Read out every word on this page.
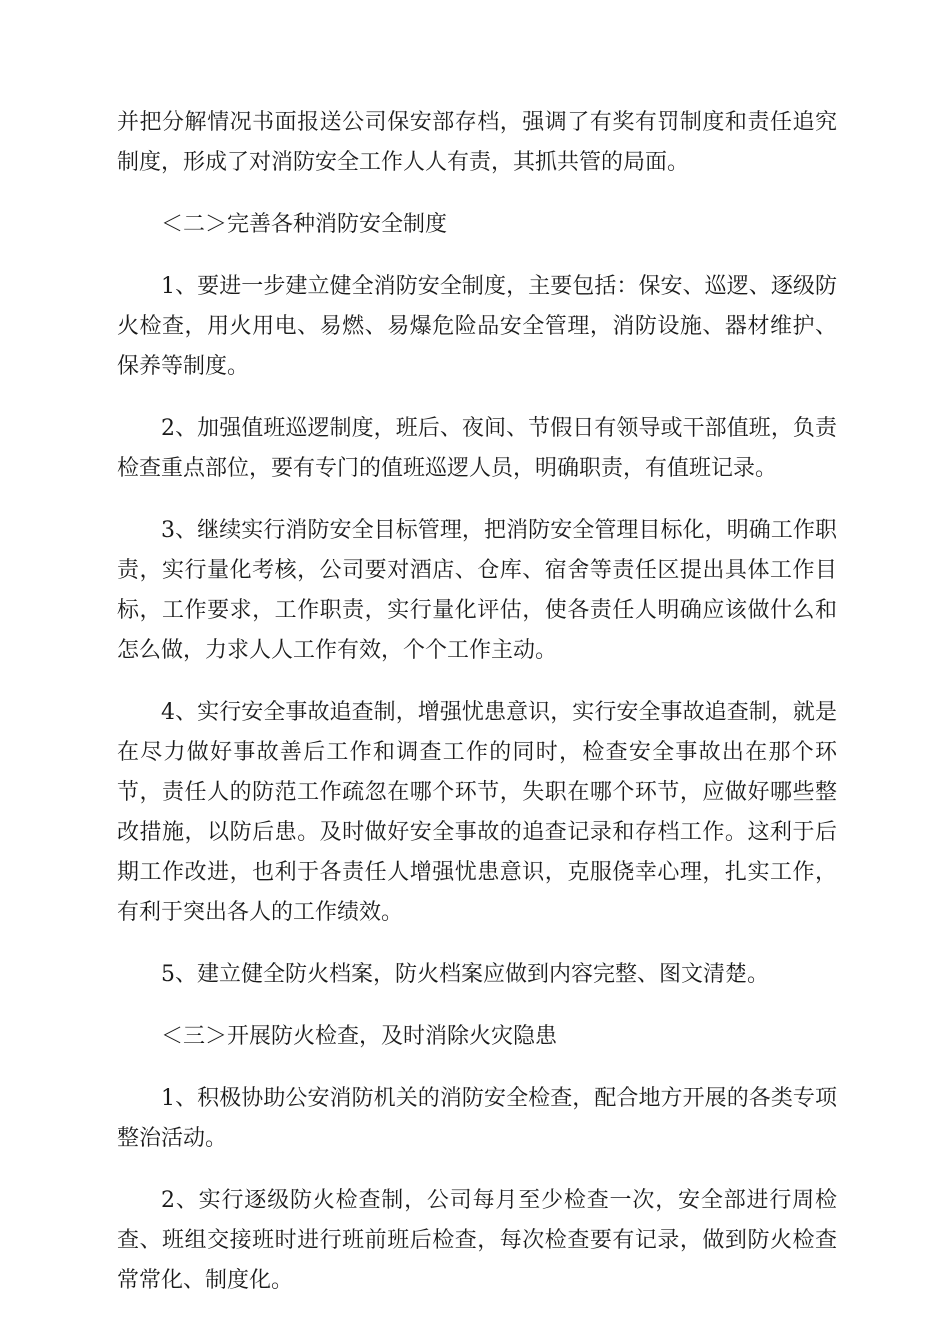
并把分解情况书面报送公司保安部存档，强调了有奖有罚制度和责任追究制度，形成了对消防安全工作人人有责，其抓共管的局面。

＜二＞完善各种消防安全制度

1、要进一步建立健全消防安全制度，主要包括：保安、巡逻、逐级防火检查，用火用电、易燃、易爆危险品安全管理，消防设施、器材维护、保养等制度。

2、加强值班巡逻制度，班后、夜间、节假日有领导或干部值班，负责检查重点部位，要有专门的值班巡逻人员，明确职责，有值班记录。

3、继续实行消防安全目标管理，把消防安全管理目标化，明确工作职责，实行量化考核，公司要对酒店、仓库、宿舍等责任区提出具体工作目标，工作要求，工作职责，实行量化评估，使各责任人明确应该做什么和怎么做，力求人人工作有效，个个工作主动。

4、实行安全事故追查制，增强忧患意识，实行安全事故追查制，就是在尽力做好事故善后工作和调查工作的同时，检查安全事故出在那个环节，责任人的防范工作疏忽在哪个环节，失职在哪个环节，应做好哪些整改措施，以防后患。及时做好安全事故的追查记录和存档工作。这利于后期工作改进，也利于各责任人增强忧患意识，克服侥幸心理，扎实工作，有利于突出各人的工作绩效。

5、建立健全防火档案，防火档案应做到内容完整、图文清楚。

＜三＞开展防火检查，及时消除火灾隐患

1、积极协助公安消防机关的消防安全检查，配合地方开展的各类专项整治活动。

2、实行逐级防火检查制，公司每月至少检查一次，安全部进行周检查、班组交接班时进行班前班后检查，每次检查要有记录，做到防火检查常常化、制度化。
